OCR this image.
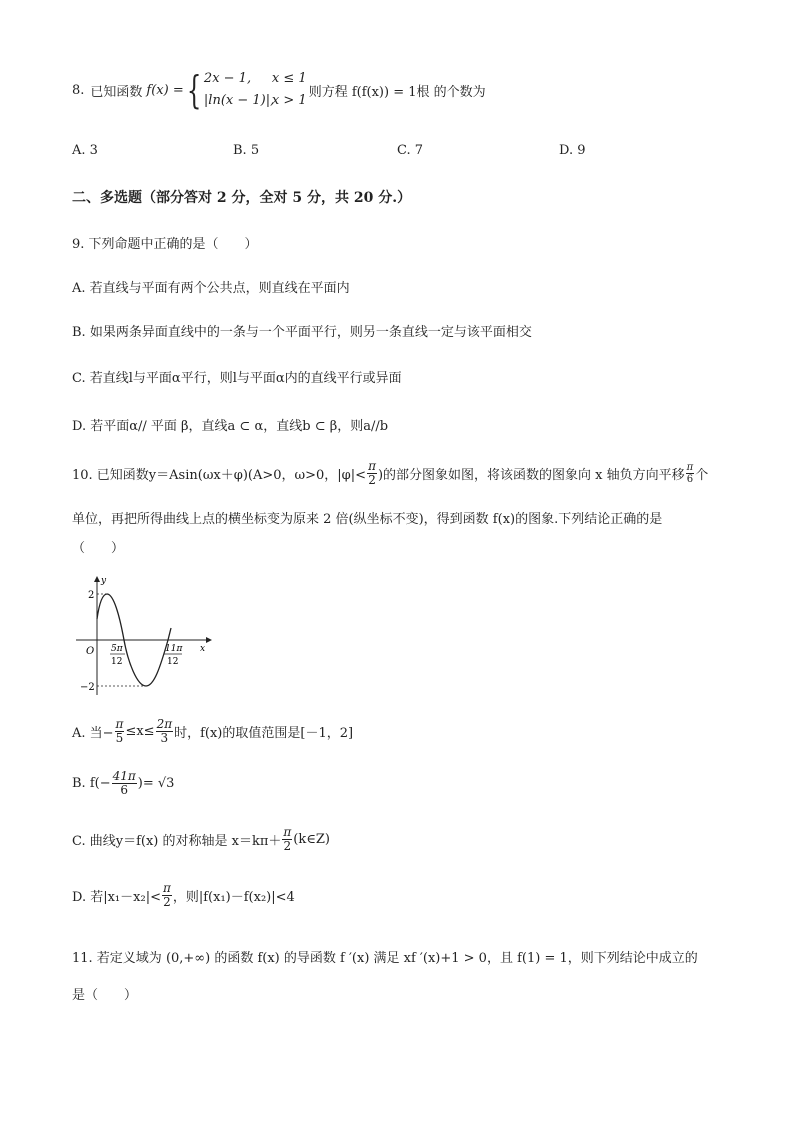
8. 已知函数 f(x) = { 2x − 1, x ≤ 1
|ln(x − 1)|,x > 1
则方程 f(f(x)) = 1根 的个数为
A. 3	B. 5	C. 7	D. 9
二、多选题（部分答对 2 分，全对 5 分，共 20 分.）
9. 下列命题中正确的是（　　）
A. 若直线与平面有两个公共点，则直线在平面内
B. 如果两条异面直线中的一条与一个平面平行，则另一条直线一定与该平面相交
C. 若直线l与平面α平行，则l与平面α内的直线平行或异面
D. 若平面α// 平面 β，直线a ⊂ α，直线b ⊂ β，则a//b
10. 已知函数y＝Asin(ωx＋φ)(A>0，ω>0，$|\varphi|< \frac{\pi}{2}$ )的部分图象如图，将该函数的图象向 x 轴负方向平移 $\frac{\pi}{6}$ 个
单位，再把所得曲线上点的横坐标变为原来 2 倍(纵坐标不变)，得到函数 f(x)的图象.下列结论正确的是
（　　）
x
y
O
2
−2
5π
12
11π
12
A. 当− $\frac{\pi}{5} \le x\le \frac{2\pi}{3}$ 时，f(x)的取值范围是[－1，2]
B. $f(- \frac{41\pi}{6}$ )= √3
C. 曲线y＝f(x) 的对称轴是 $x=k\pi+ \frac{\pi}{2}$ (k∈Z)
D. 若$|x_1-x_2|< \frac{\pi}{2}$ ，则|f(x₁)－f(x₂)|<4
11. 若定义域为 (0,+∞) 的函数 f(x) 的导函数 f ′(x) 满足 xf ′(x)+1 > 0，且 f(1) = 1，则下列结论中成立的
是（　　）
